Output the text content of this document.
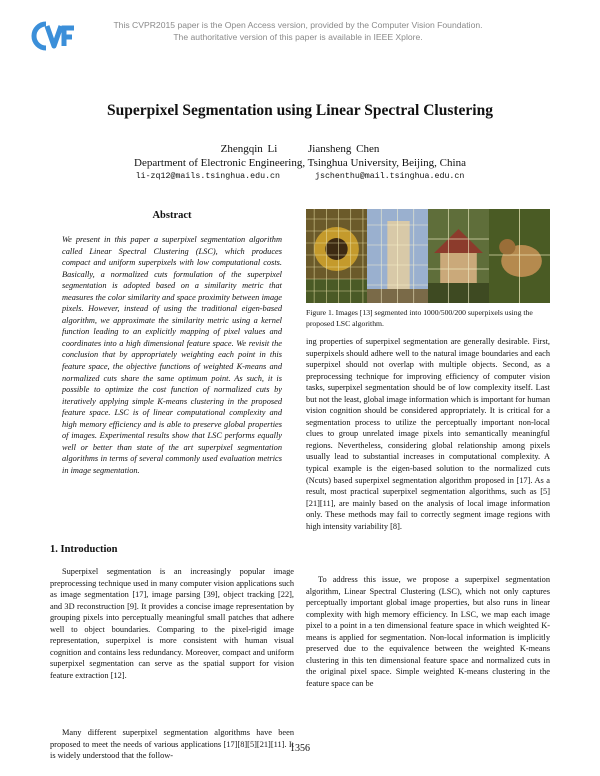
This CVPR2015 paper is the Open Access version, provided by the Computer Vision Foundation.
The authoritative version of this paper is available in IEEE Xplore.
Superpixel Segmentation using Linear Spectral Clustering
Zhengqin Li	Jiansheng Chen
Department of Electronic Engineering, Tsinghua University, Beijing, China
li-zq12@mails.tsinghua.edu.cn	jschenthu@mail.tsinghua.edu.cn
Abstract
We present in this paper a superpixel segmentation algorithm called Linear Spectral Clustering (LSC), which produces compact and uniform superpixels with low computational costs. Basically, a normalized cuts formulation of the superpixel segmentation is adopted based on a similarity metric that measures the color similarity and space proximity between image pixels. However, instead of using the traditional eigen-based algorithm, we approximate the similarity metric using a kernel function leading to an explicitly mapping of pixel values and coordinates into a high dimensional feature space. We revisit the conclusion that by appropriately weighting each point in this feature space, the objective functions of weighted K-means and normalized cuts share the same optimum point. As such, it is possible to optimize the cost function of normalized cuts by iteratively applying simple K-means clustering in the proposed feature space. LSC is of linear computational complexity and high memory efficiency and is able to preserve global properties of images. Experimental results show that LSC performs equally well or better than state of the art superpixel segmentation algorithms in terms of several commonly used evaluation metrics in image segmentation.
1. Introduction
Superpixel segmentation is an increasingly popular image preprocessing technique used in many computer vision applications such as image segmentation [17], image parsing [39], object tracking [22], and 3D reconstruction [9]. It provides a concise image representation by grouping pixels into perceptually meaningful small patches that adhere well to object boundaries. Comparing to the pixel-rigid image representation, superpixel is more consistent with human visual cognition and contains less redundancy. Moreover, compact and uniform superpixel segmentation can serve as the spatial support for vision feature extraction [12].
Many different superpixel segmentation algorithms have been proposed to meet the needs of various applications [17][8][5][21][11]. It is widely understood that the follow-
Figure 1. Images [13] segmented into 1000/500/200 superpixels using the proposed LSC algorithm.
ing properties of superpixel segmentation are generally desirable. First, superpixels should adhere well to the natural image boundaries and each superpixel should not overlap with multiple objects. Second, as a preprocessing technique for improving efficiency of computer vision tasks, superpixel segmentation should be of low complexity itself. Last but not the least, global image information which is important for human vision cognition should be considered appropriately. It is critical for a segmentation process to utilize the perceptually important non-local clues to group unrelated image pixels into semantically meaningful regions. Nevertheless, considering global relationship among pixels usually lead to substantial increases in computational complexity. A typical example is the eigen-based solution to the normalized cuts (Ncuts) based superpixel segmentation algorithm proposed in [17]. As a result, most practical superpixel segmentation algorithms, such as [5][21][11], are mainly based on the analysis of local image information only. These methods may fail to correctly segment image regions with high intensity variability [8].
To address this issue, we propose a superpixel segmentation algorithm, Linear Spectral Clustering (LSC), which not only captures perceptually important global image properties, but also runs in linear complexity with high memory efficiency. In LSC, we map each image pixel to a point in a ten dimensional feature space in which weighted K-means is applied for segmentation. Non-local information is implicitly preserved due to the equivalence between the weighted K-means clustering in this ten dimensional feature space and normalized cuts in the original pixel space. Simple weighted K-means clustering in the feature space can be
1356
